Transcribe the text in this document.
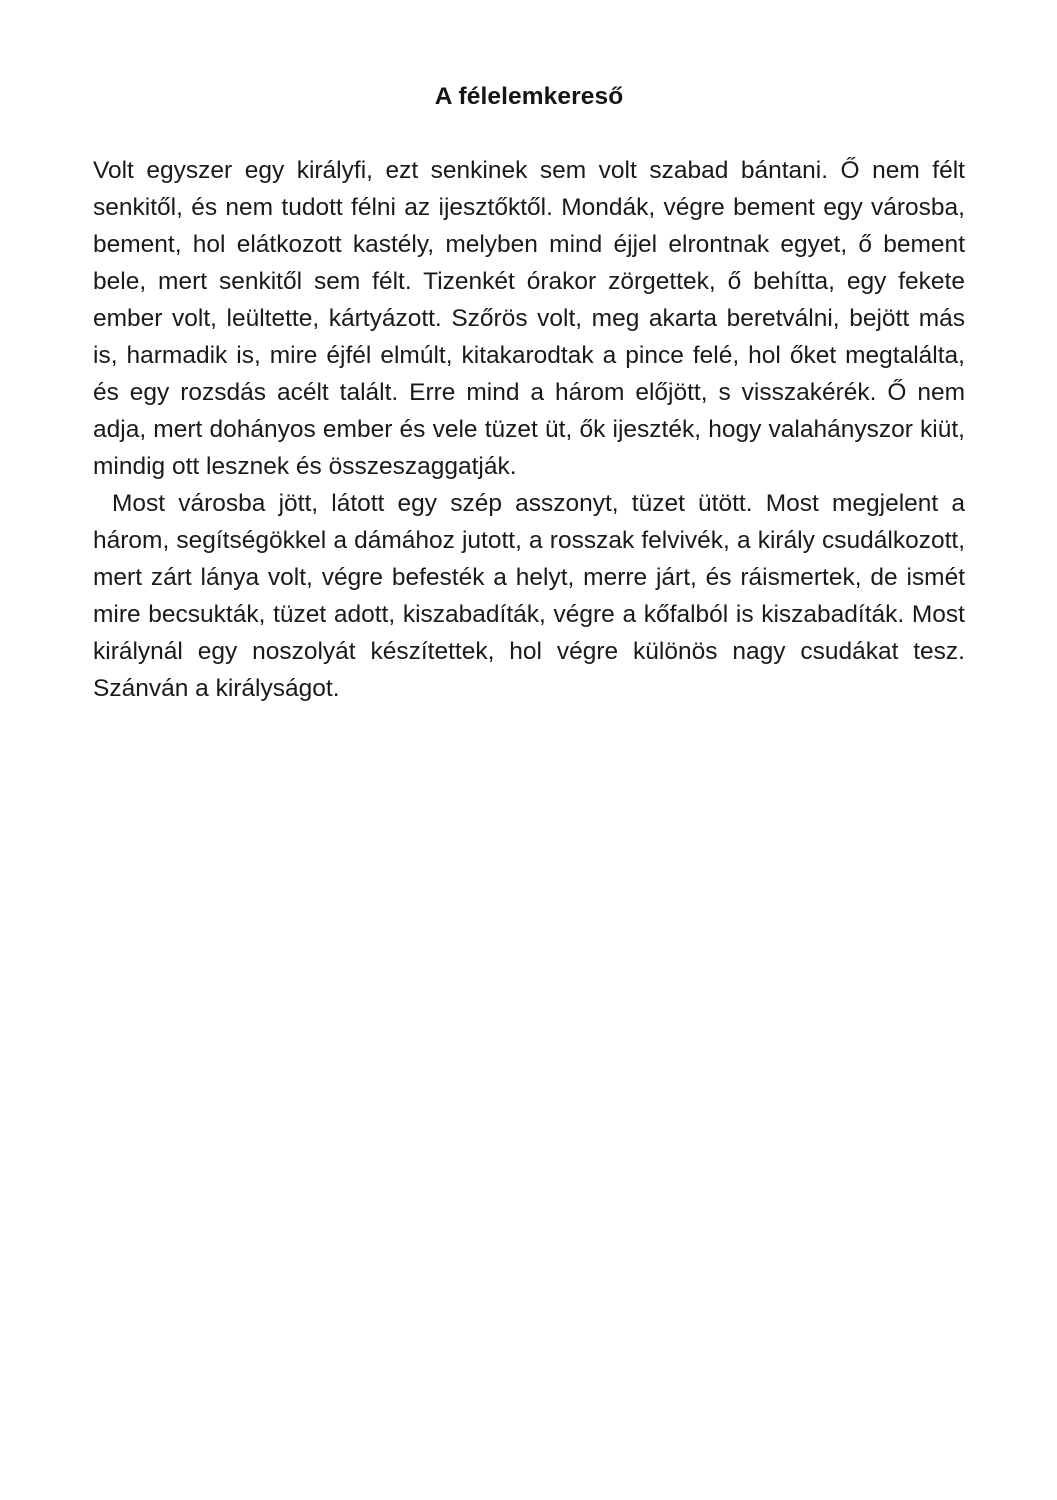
A félelemkereső

Volt egyszer egy királyfi, ezt senkinek sem volt szabad bántani. Ő nem félt senkitől, és nem tudott félni az ijesztőktől. Mondák, végre bement egy városba, bement, hol elátkozott kastély, melyben mind éjjel elrontnak egyet, ő bement bele, mert senkitől sem félt. Tizenkét órakor zörgettek, ő behítta, egy fekete ember volt, leültette, kártyázott. Szőrös volt, meg akarta beretválni, bejött más is, harmadik is, mire éjfél elmúlt, kitakarodtak a pince felé, hol őket megtalálta, és egy rozsdás acélt talált. Erre mind a három előjött, s visszakérék. Ő nem adja, mert dohányos ember és vele tüzet üt, ők ijeszték, hogy valahányszor kiüt, mindig ott lesznek és összeszaggatják.

Most városba jött, látott egy szép asszonyt, tüzet ütött. Most megjelent a három, segítségökkel a dámához jutott, a rosszak felvivék, a király csudálkozott, mert zárt lánya volt, végre befesték a helyt, merre járt, és ráismertek, de ismét mire becsukták, tüzet adott, kiszabadíták, végre a kőfalból is kiszabadíták. Most királynál egy noszolyát készítettek, hol végre különös nagy csudákat tesz. Szánván a királyságot.
